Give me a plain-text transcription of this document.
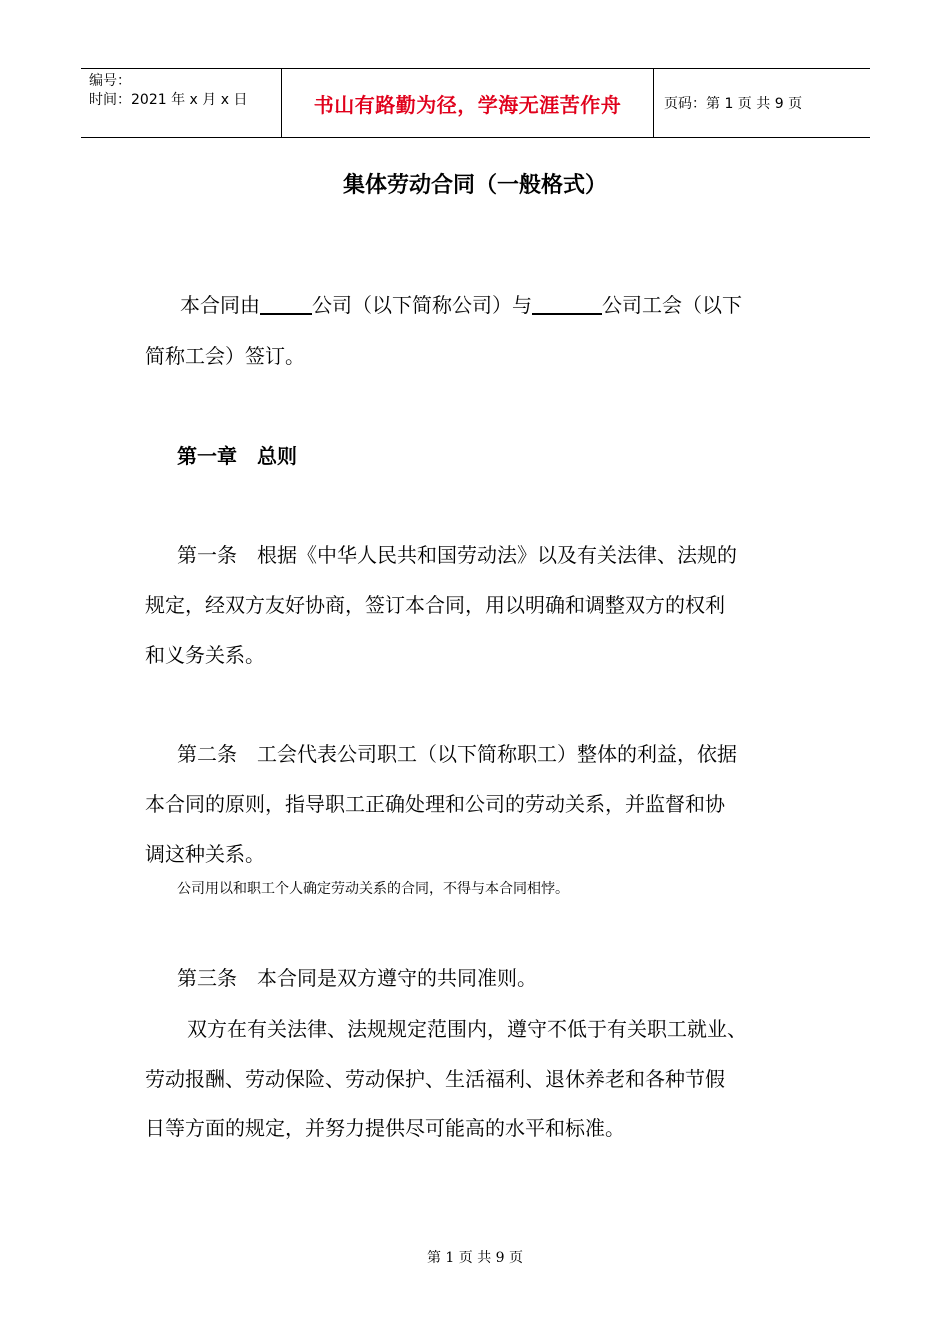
编号：
时间：2021 年 x 月 x 日	书山有路勤为径，学海无涯苦作舟	页码：第 1 页 共 9 页
集体劳动合同（一般格式）
本合同由	公司（以下简称公司）与	公司工会（以下
简称工会）签订。
第一章　总则
第一条　根据《中华人民共和国劳动法》以及有关法律、法规的
规定，经双方友好协商，签订本合同，用以明确和调整双方的权利
和义务关系。
第二条　工会代表公司职工（以下简称职工）整体的利益，依据
本合同的原则，指导职工正确处理和公司的劳动关系，并监督和协
调这种关系。
公司用以和职工个人确定劳动关系的合同，不得与本合同相悖。
第三条　本合同是双方遵守的共同准则。
双方在有关法律、法规规定范围内，遵守不低于有关职工就业、
劳动报酬、劳动保险、劳动保护、生活福利、退休养老和各种节假
日等方面的规定，并努力提供尽可能高的水平和标准。
第 1 页 共 9 页
